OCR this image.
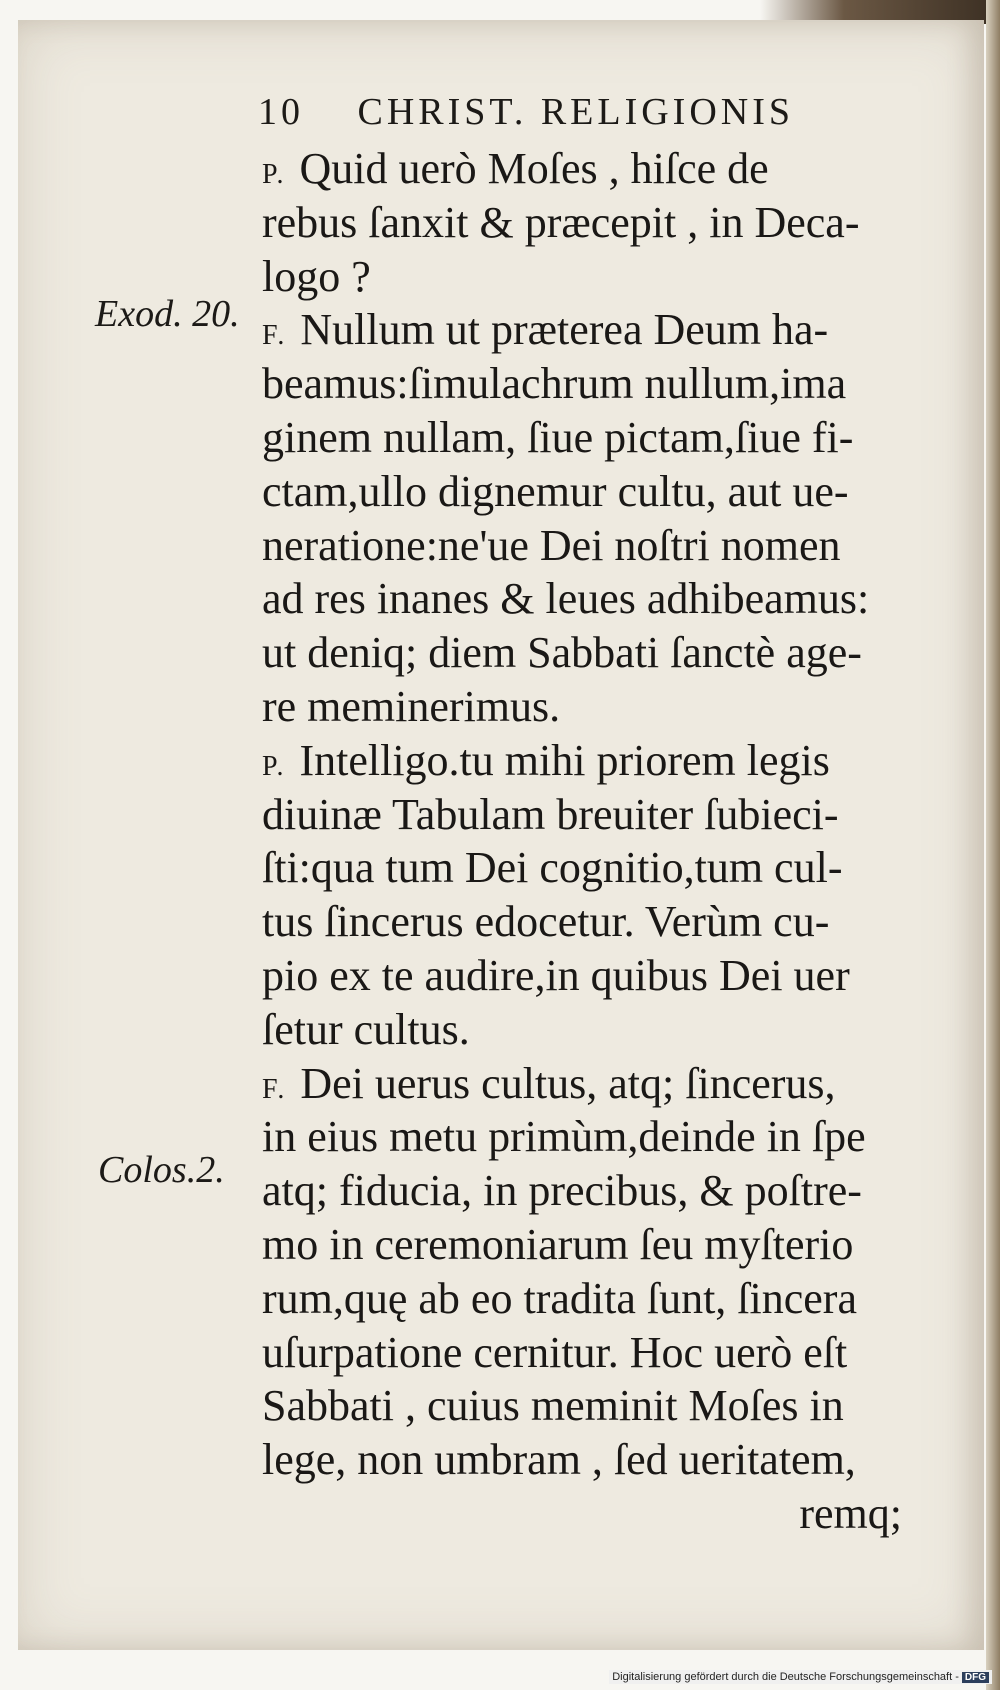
10 CHRIST. RELIGIONIS
Exod. 20.
Colos.2.
P. Quid uerò Moſes , hiſce de
rebus ſanxit & præcepit , in Deca-
logo ?
F. Nullum ut præterea Deum ha-
beamus:ſimulachrum nullum,ima
ginem nullam, ſiue pictam,ſiue fi-
ctam,ullo dignemur cultu, aut ue-
neratione:ne'ue Dei noſtri nomen
ad res inanes & leues adhibeamus:
ut deniq; diem Sabbati ſanctè age-
re meminerimus.
P. Intelligo.tu mihi priorem legis
diuinæ Tabulam breuiter ſubieci-
ſti:qua tum Dei cognitio,tum cul-
tus ſincerus edocetur. Verùm cu-
pio ex te audire,in quibus Dei uer
ſetur cultus.
F. Dei uerus cultus, atq; ſincerus,
in eius metu primùm,deinde in ſpe
atq; fiducia, in precibus, & poſtre-
mo in ceremoniarum ſeu myſterio
rum,quę ab eo tradita ſunt, ſincera
uſurpatione cernitur. Hoc uerò eſt
Sabbati , cuius meminit Moſes in
lege, non umbram , ſed ueritatem,
remq;
Digitalisierung gefördert durch die Deutsche Forschungsgemeinschaft - DFG
